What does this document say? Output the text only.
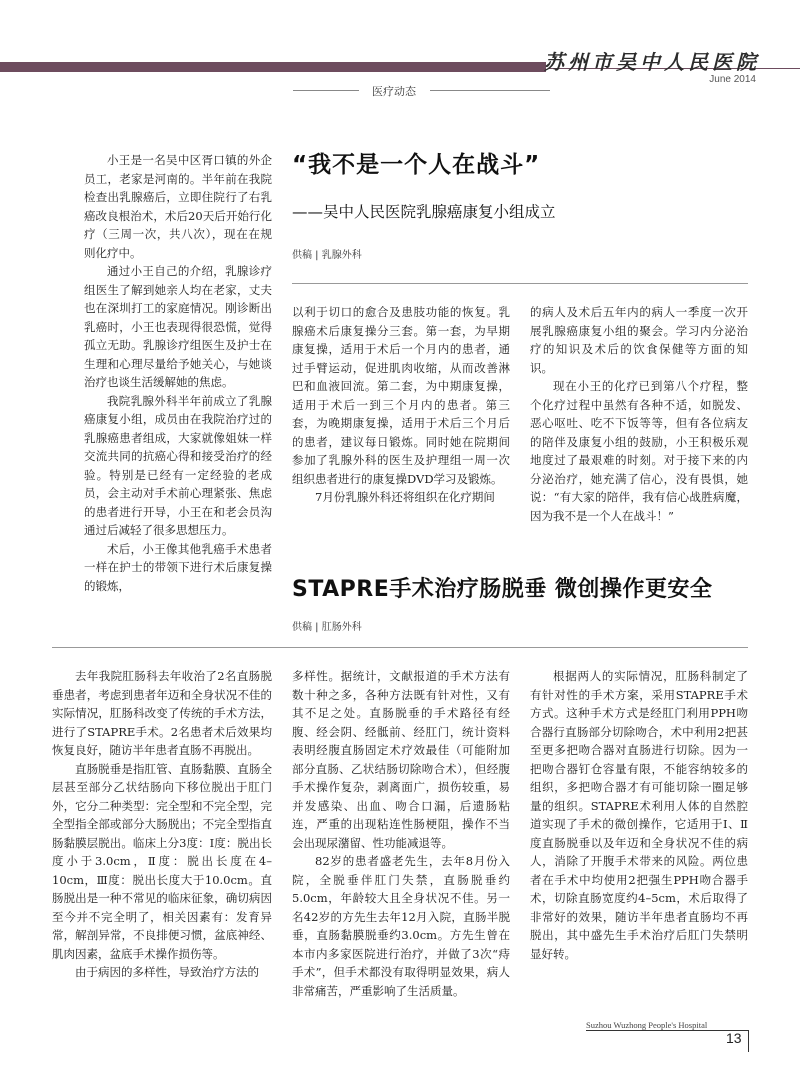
苏州市吴中人民医院
June 2014
医疗动态

小王是一名吴中区胥口镇的外企员工，老家是河南的。半年前在我院检查出乳腺癌后，立即住院行了右乳癌改良根治术，术后20天后开始行化疗（三周一次，共八次），现在在规则化疗中。

通过小王自己的介绍，乳腺诊疗组医生了解到她亲人均在老家，丈夫也在深圳打工的家庭情况。刚诊断出乳癌时，小王也表现得很恐慌，觉得孤立无助。乳腺诊疗组医生及护士在生理和心理尽量给予她关心，与她谈治疗也谈生活缓解她的焦虑。

我院乳腺外科半年前成立了乳腺癌康复小组，成员由在我院治疗过的乳腺癌患者组成，大家就像姐妹一样交流共同的抗癌心得和接受治疗的经验。特别是已经有一定经验的老成员，会主动对手术前心理紧张、焦虑的患者进行开导，小王在和老会员沟通过后减轻了很多思想压力。

术后，小王像其他乳癌手术患者一样在护士的带领下进行术后康复操的锻炼，

“我不是一个人在战斗”
——吴中人民医院乳腺癌康复小组成立
供稿 | 乳腺外科

以利于切口的愈合及患肢功能的恢复。乳腺癌术后康复操分三套。第一套，为早期康复操，适用于术后一个月内的患者，通过手臂运动，促进肌肉收缩，从而改善淋巴和血液回流。第二套，为中期康复操，适用于术后一到三个月内的患者。第三套，为晚期康复操，适用于术后三个月后的患者，建议每日锻炼。同时她在院期间参加了乳腺外科的医生及护理组一周一次组织患者进行的康复操DVD学习及锻炼。

7月份乳腺外科还将组织在化疗期间

的病人及术后五年内的病人一季度一次开展乳腺癌康复小组的聚会。学习内分泌治疗的知识及术后的饮食保健等方面的知识。

现在小王的化疗已到第八个疗程，整个化疗过程中虽然有各种不适，如脱发、恶心呕吐、吃不下饭等等，但有各位病友的陪伴及康复小组的鼓励，小王积极乐观地度过了最艰难的时刻。对于接下来的内分泌治疗，她充满了信心，没有畏惧，她说：“有大家的陪伴，我有信心战胜病魔，因为我不是一个人在战斗！”

STAPRE手术治疗肠脱垂 微创操作更安全
供稿 | 肛肠外科

去年我院肛肠科去年收治了2名直肠脱垂患者，考虑到患者年迈和全身状况不佳的实际情况，肛肠科改变了传统的手术方法，进行了STAPRE手术。2名患者术后效果均恢复良好，随访半年患者直肠不再脱出。

直肠脱垂是指肛管、直肠黏膜、直肠全层甚至部分乙状结肠向下移位脱出于肛门外，它分二种类型：完全型和不完全型，完全型指全部或部分大肠脱出；不完全型指直肠黏膜层脱出。临床上分3度：Ⅰ度：脱出长度小于3.0cm，Ⅱ度：脱出长度在4–10cm，Ⅲ度：脱出长度大于10.0cm。直肠脱出是一种不常见的临床征象，确切病因至今并不完全明了，相关因素有：发育异常，解剖异常，不良排便习惯，盆底神经、肌肉因素，盆底手术操作损伤等。

由于病因的多样性，导致治疗方法的

多样性。据统计，文献报道的手术方法有数十种之多，各种方法既有针对性，又有其不足之处。直肠脱垂的手术路径有经腹、经会阴、经骶前、经肛门，统计资料表明经腹直肠固定术疗效最佳（可能附加部分直肠、乙状结肠切除吻合术），但经腹手术操作复杂，剥离面广，损伤较重，易并发感染、出血、吻合口漏，后遗肠粘连，严重的出现粘连性肠梗阻，操作不当会出现尿潴留、性功能减退等。

82岁的患者盛老先生，去年8月份入院，全脱垂伴肛门失禁，直肠脱垂约5.0cm，年龄较大且全身状况不佳。另一名42岁的方先生去年12月入院，直肠半脱垂，直肠黏膜脱垂约3.0cm。方先生曾在本市内多家医院进行治疗，并做了3次“痔手术”，但手术都没有取得明显效果，病人非常痛苦，严重影响了生活质量。

根据两人的实际情况，肛肠科制定了有针对性的手术方案，采用STAPRE手术方式。这种手术方式是经肛门利用PPH吻合器行直肠部分切除吻合，术中利用2把甚至更多把吻合器对直肠进行切除。因为一把吻合器钉仓容量有限，不能容纳较多的组织，多把吻合器才有可能切除一圈足够量的组织。STAPRE术利用人体的自然腔道实现了手术的微创操作，它适用于Ⅰ、Ⅱ度直肠脱垂以及年迈和全身状况不佳的病人，消除了开腹手术带来的风险。两位患者在手术中均使用2把强生PPH吻合器手术，切除直肠宽度约4–5cm，术后取得了非常好的效果，随访半年患者直肠均不再脱出，其中盛先生手术治疗后肛门失禁明显好转。

Suzhou Wuzhong People's Hospital
13
